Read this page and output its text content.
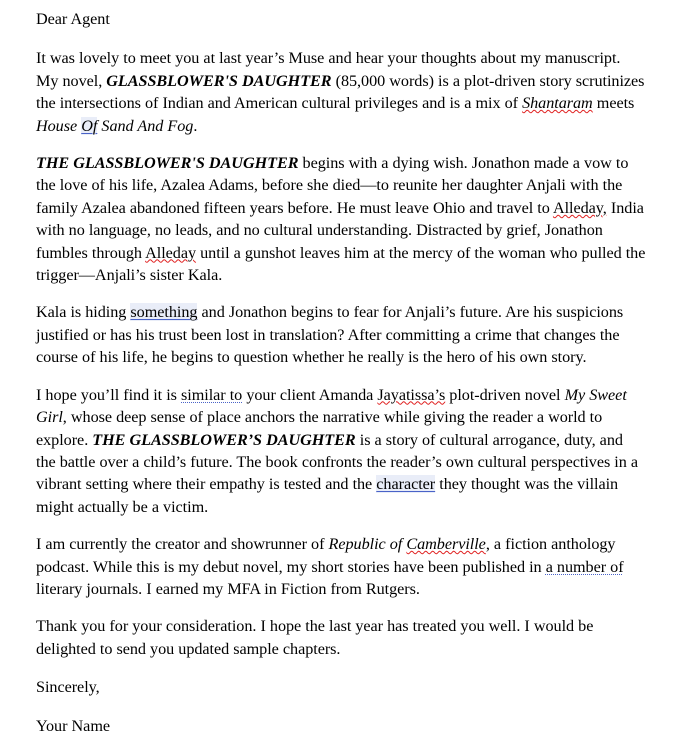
Dear Agent

It was lovely to meet you at last year’s Muse and hear your thoughts about my manuscript. My novel, GLASSBLOWER'S DAUGHTER (85,000 words) is a plot-driven story scrutinizes the intersections of Indian and American cultural privileges and is a mix of Shantaram meets House Of Sand And Fog.

THE GLASSBLOWER'S DAUGHTER begins with a dying wish. Jonathon made a vow to the love of his life, Azalea Adams, before she died—to reunite her daughter Anjali with the family Azalea abandoned fifteen years before. He must leave Ohio and travel to Alleday, India with no language, no leads, and no cultural understanding. Distracted by grief, Jonathon fumbles through Alleday until a gunshot leaves him at the mercy of the woman who pulled the trigger—Anjali’s sister Kala.

Kala is hiding something and Jonathon begins to fear for Anjali’s future. Are his suspicions justified or has his trust been lost in translation? After committing a crime that changes the course of his life, he begins to question whether he really is the hero of his own story.

I hope you’ll find it is similar to your client Amanda Jayatissa’s plot-driven novel My Sweet Girl, whose deep sense of place anchors the narrative while giving the reader a world to explore. THE GLASSBLOWER’S DAUGHTER is a story of cultural arrogance, duty, and the battle over a child’s future. The book confronts the reader’s own cultural perspectives in a vibrant setting where their empathy is tested and the character they thought was the villain might actually be a victim.

I am currently the creator and showrunner of Republic of Camberville, a fiction anthology podcast. While this is my debut novel, my short stories have been published in a number of literary journals. I earned my MFA in Fiction from Rutgers.

Thank you for your consideration. I hope the last year has treated you well. I would be delighted to send you updated sample chapters.

Sincerely,

Your Name
